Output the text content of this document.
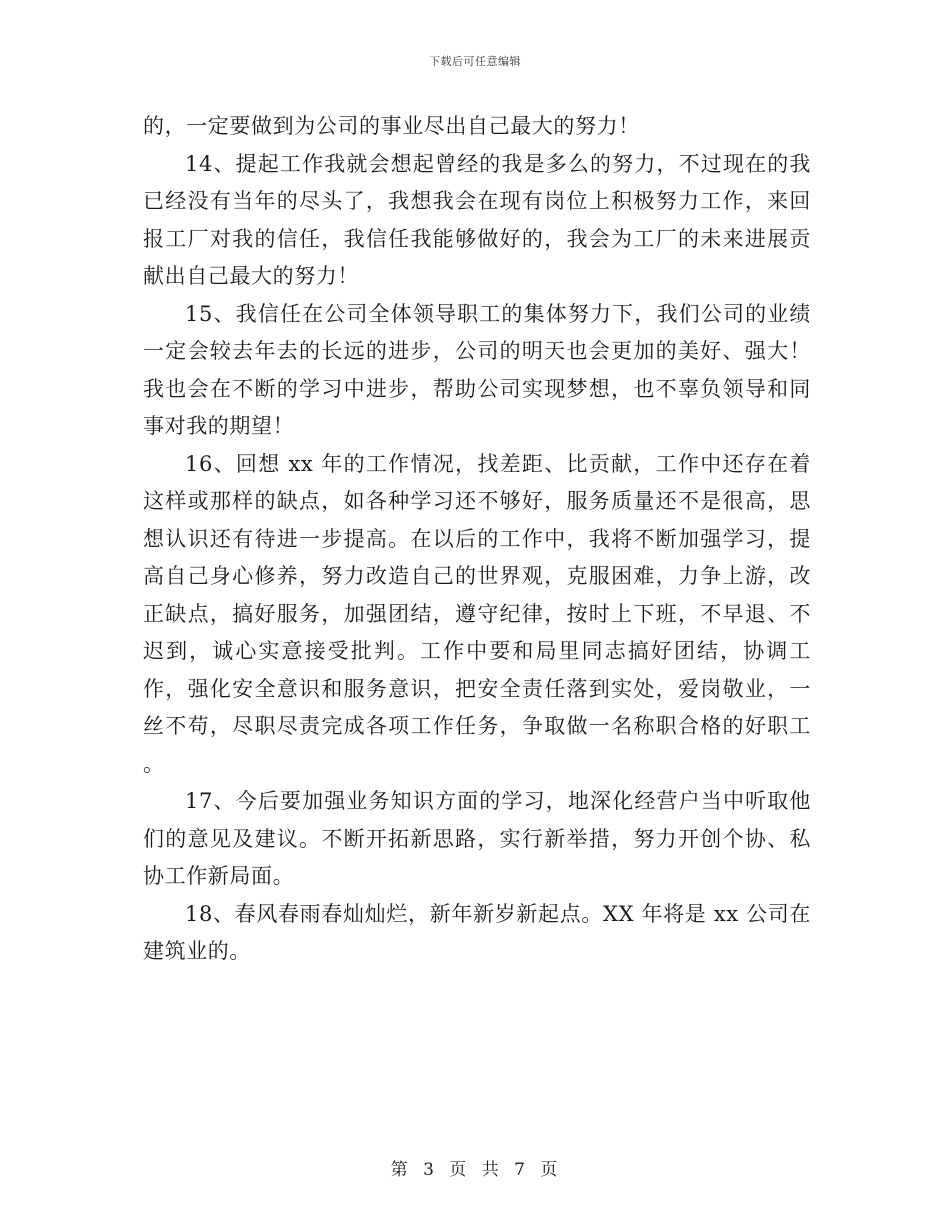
下载后可任意编辑

的，一定要做到为公司的事业尽出自己最大的努力！

14、提起工作我就会想起曾经的我是多么的努力，不过现在的我已经没有当年的尽头了，我想我会在现有岗位上积极努力工作，来回报工厂对我的信任，我信任我能够做好的，我会为工厂的未来进展贡献出自己最大的努力！

15、我信任在公司全体领导职工的集体努力下，我们公司的业绩一定会较去年去的长远的进步，公司的明天也会更加的美好、强大！我也会在不断的学习中进步，帮助公司实现梦想，也不辜负领导和同事对我的期望！

16、回想 xx 年的工作情况，找差距、比贡献，工作中还存在着这样或那样的缺点，如各种学习还不够好，服务质量还不是很高，思想认识还有待进一步提高。在以后的工作中，我将不断加强学习，提高自己身心修养，努力改造自己的世界观，克服困难，力争上游，改正缺点，搞好服务，加强团结，遵守纪律，按时上下班，不早退、不迟到，诚心实意接受批判。工作中要和局里同志搞好团结，协调工作，强化安全意识和服务意识，把安全责任落到实处，爱岗敬业，一丝不苟，尽职尽责完成各项工作任务，争取做一名称职合格的好职工 。

17、今后要加强业务知识方面的学习，地深化经营户当中听取他们的意见及建议。不断开拓新思路，实行新举措，努力开创个协、私协工作新局面。

18、春风春雨春灿灿烂，新年新岁新起点。XX 年将是 xx 公司在建筑业的。

第 3 页 共 7 页
